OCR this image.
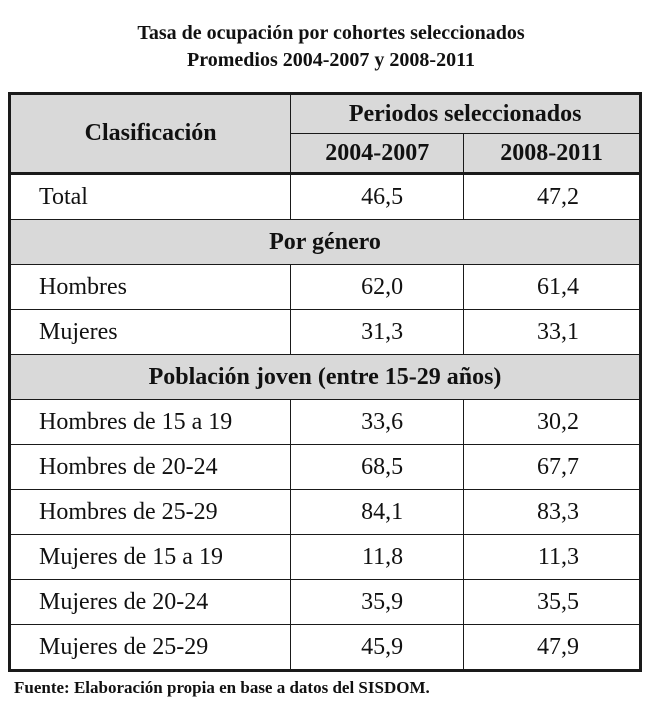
Tasa de ocupación por cohortes seleccionados
Promedios 2004-2007 y 2008-2011
Clasificación	Periodos seleccionados	
	2004-2007	2008-2011
Total	46,5	47,2
Por género		
Hombres	62,0	61,4
Mujeres	31,3	33,1
Población joven (entre 15-29 años)		
Hombres de 15 a 19	33,6	30,2
Hombres de 20-24	68,5	67,7
Hombres de 25-29	84,1	83,3
Mujeres de 15 a 19	11,8	11,3
Mujeres de 20-24	35,9	35,5
Mujeres de 25-29	45,9	47,9
Fuente: Elaboración propia en base a datos del SISDOM.
